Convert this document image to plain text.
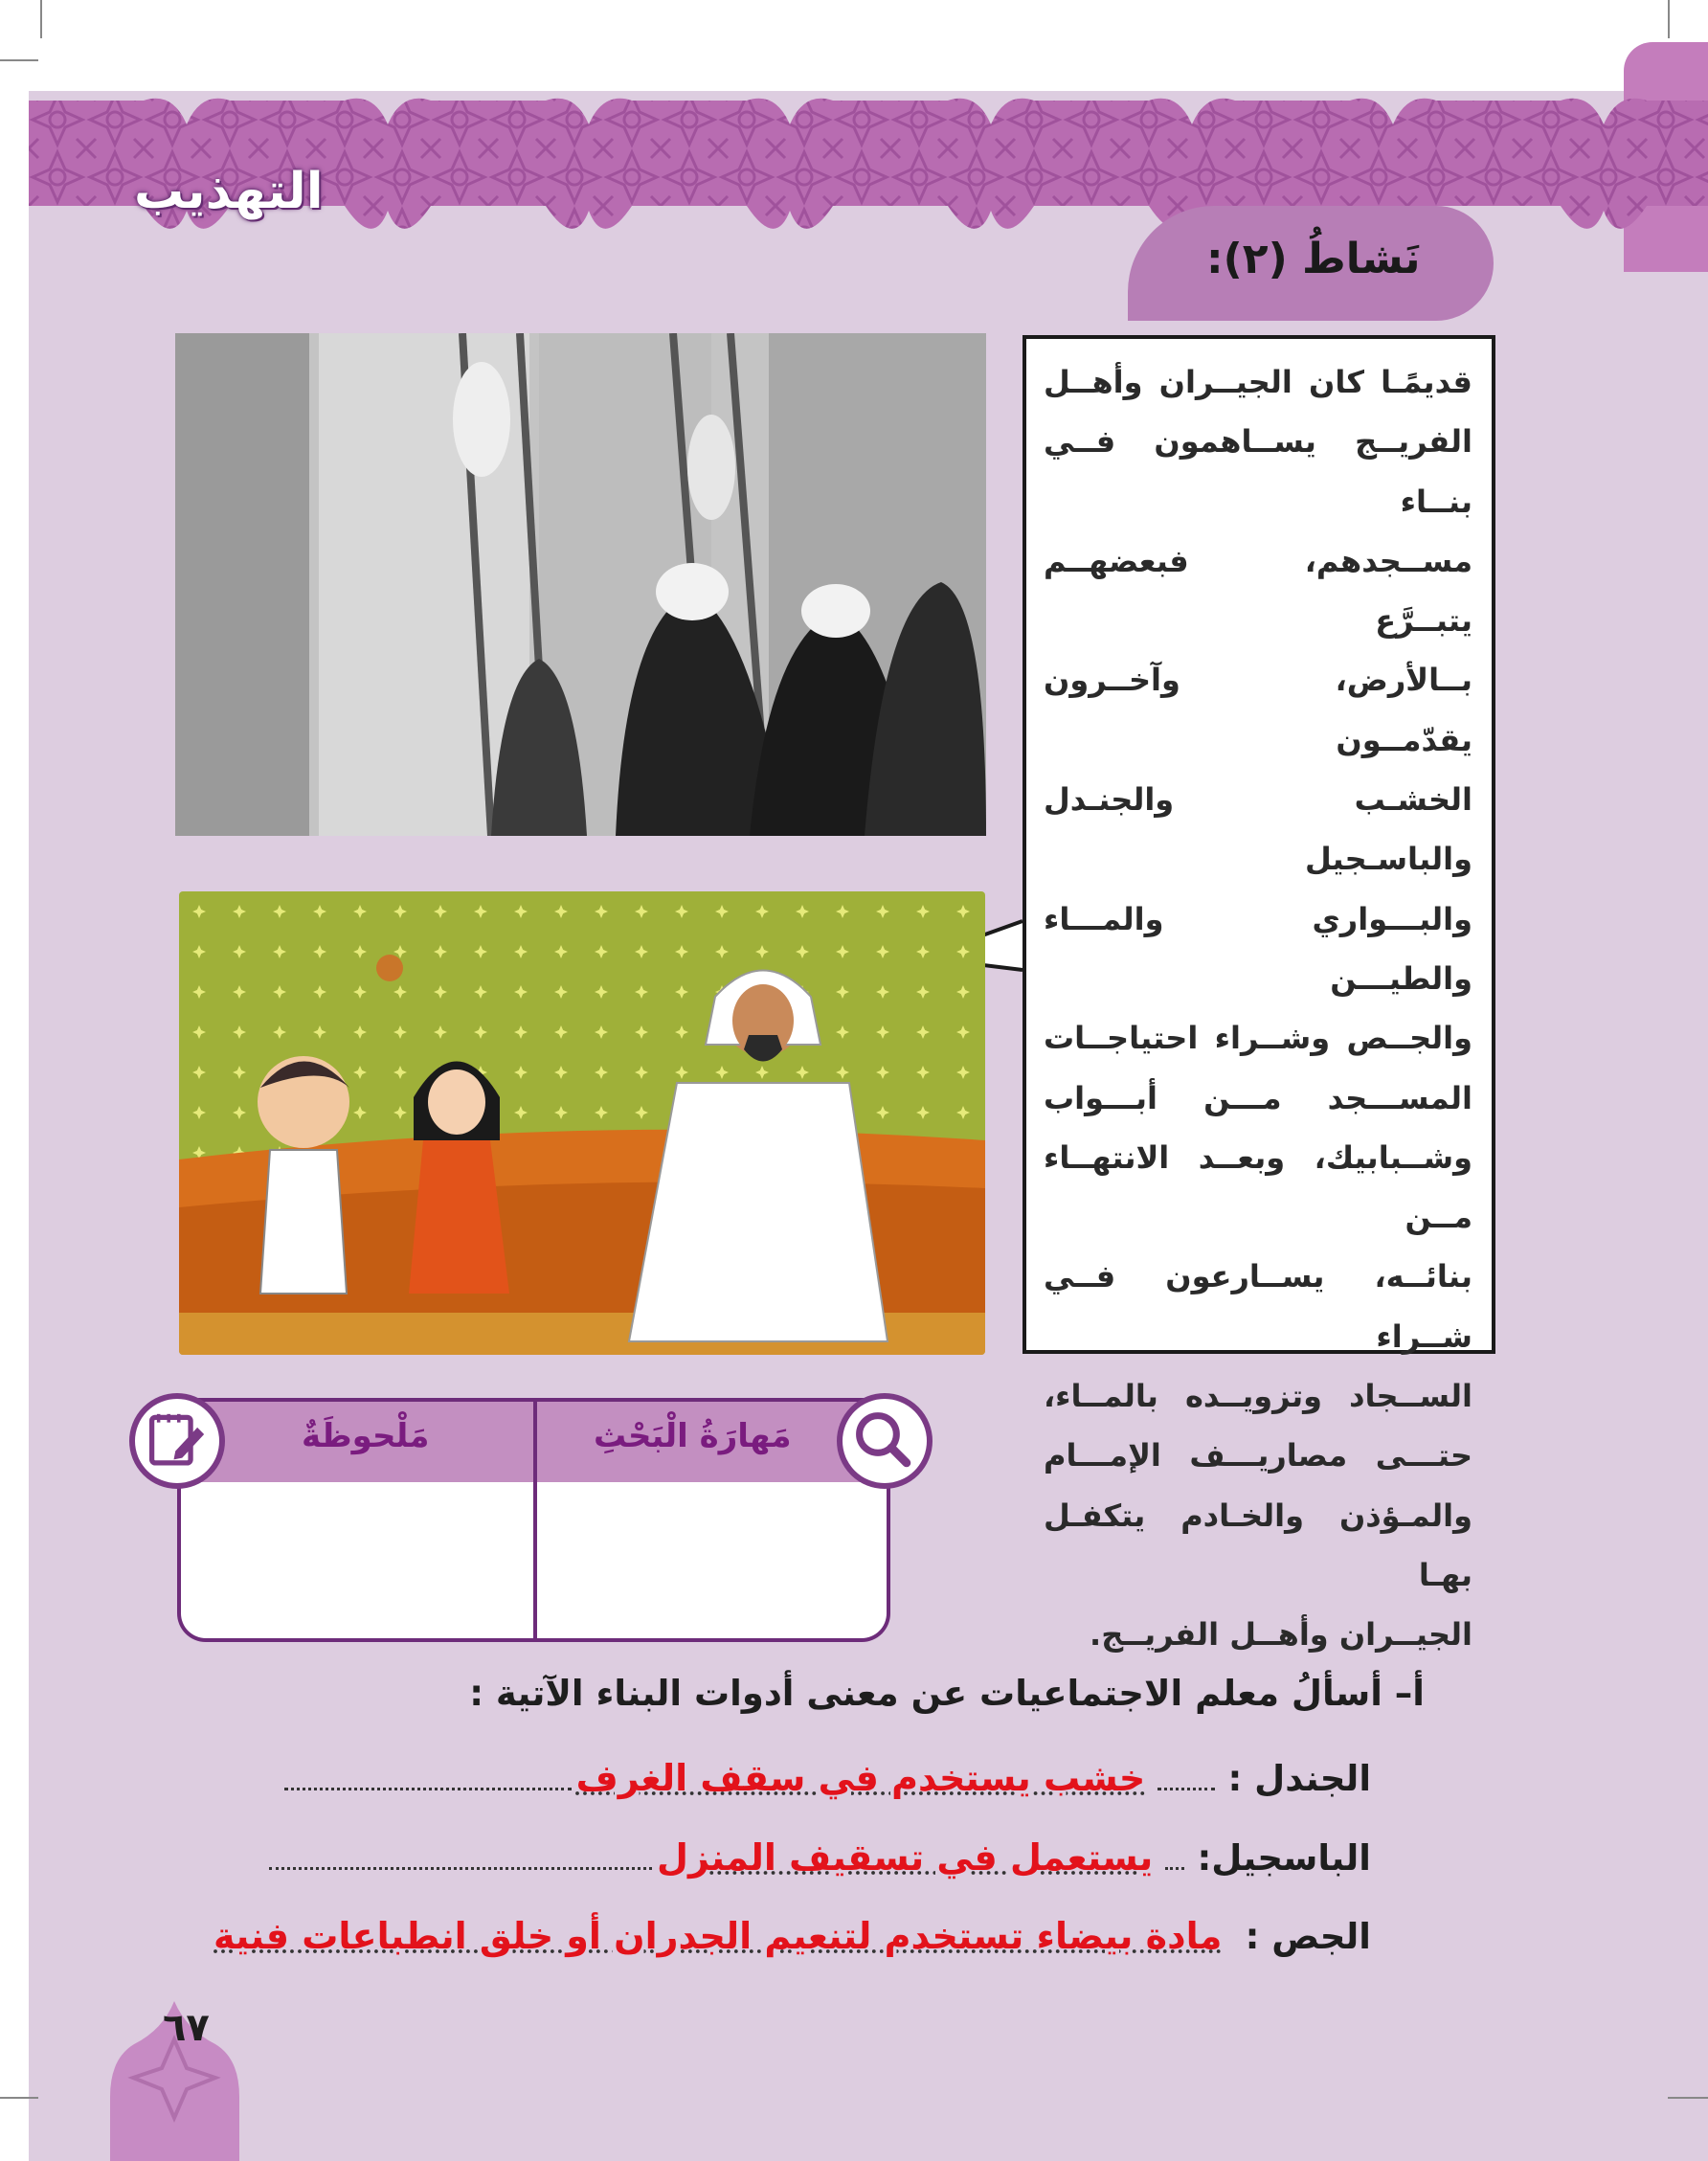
التهذيب
نَشاطُ (٢):

قديمًـا كان الجيــران وأهــل

الفريــج يســاهمون فــي بنــاء

مســجدهم، فبعضهــم يتبــرَّع

بــالأرض، وآخــرون يقدّمــون

الخشـب والجنـدل والباسـجيل

والبـــواري والمـــاء والطيـــن

والجــص وشــراء احتياجــات

المســـجد مـــن أبـــواب

وشــبابيك، وبعــد الانتهــاء مــن

بنائــه، يســارعون فــي شــراء

الســجاد وتزويــده بالمــاء،

حتـــى مصاريـــف الإمـــام

والمـؤذن والخـادم يتكفـل بهـا

الجيــران وأهــل الفريــج.

مَهارَةُ الْبَحْثِ
مَلْحوظَةٌ
أ– أسألُ معلم الاجتماعيات عن معنى أدوات البناء الآتية :
الجندل :  خشب يستخدم في سقف الغرف
الباسجيل:  يستعمل في تسقيف المنزل
الجص :  مادة بيضاء تستخدم لتنعيم الجدران أو خلق انطباعات فنية
٦٧
